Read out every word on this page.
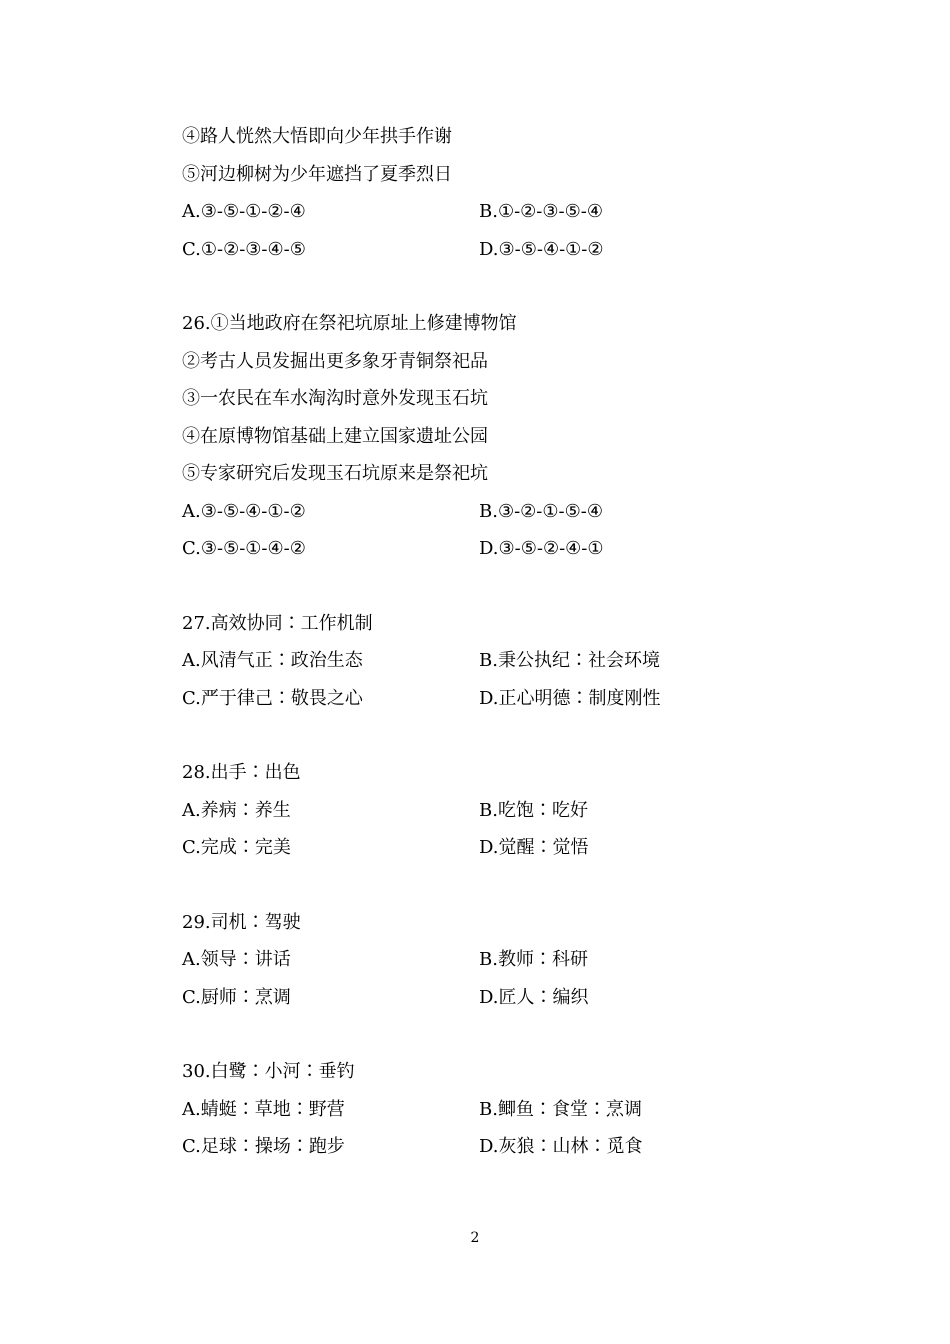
④路人恍然大悟即向少年拱手作谢
⑤河边柳树为少年遮挡了夏季烈日
A.③-⑤-①-②-④	B.①-②-③-⑤-④
C.①-②-③-④-⑤	D.③-⑤-④-①-②
26.①当地政府在祭祀坑原址上修建博物馆
②考古人员发掘出更多象牙青铜祭祀品
③一农民在车水淘沟时意外发现玉石坑
④在原博物馆基础上建立国家遗址公园
⑤专家研究后发现玉石坑原来是祭祀坑
A.③-⑤-④-①-②	B.③-②-①-⑤-④
C.③-⑤-①-④-②	D.③-⑤-②-④-①
27.高效协同∶工作机制
A.风清气正∶政治生态	B.秉公执纪∶社会环境
C.严于律己∶敬畏之心	D.正心明德∶制度刚性
28.出手∶出色
A.养病∶养生	B.吃饱∶吃好
C.完成∶完美	D.觉醒∶觉悟
29.司机∶驾驶
A.领导∶讲话	B.教师∶科研
C.厨师∶烹调	D.匠人∶编织
30.白鹭∶小河∶垂钓
A.蜻蜓∶草地∶野营	B.鲫鱼∶食堂∶烹调
C.足球∶操场∶跑步	D.灰狼∶山林∶觅食
2
